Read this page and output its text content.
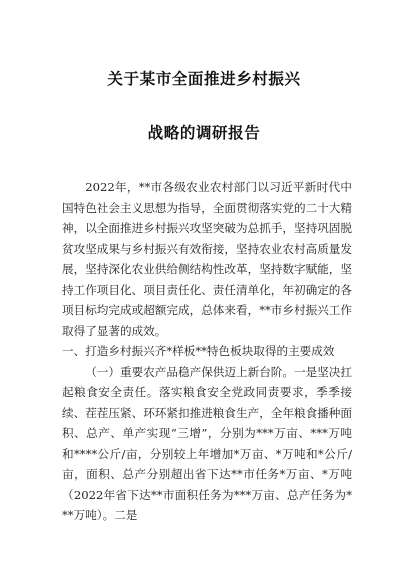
关于某市全面推进乡村振兴
战略的调研报告

2022年，**市各级农业农村部门以习近平新时代中国特色社会主义思想为指导，全面贯彻落实党的二十大精神，以全面推进乡村振兴攻坚突破为总抓手，坚持巩固脱贫攻坚成果与乡村振兴有效衔接，坚持农业农村高质量发展，坚持深化农业供给侧结构性改革，坚持数字赋能，坚持工作项目化、项目责任化、责任清单化，年初确定的各项目标均完成或超额完成，总体来看，**市乡村振兴工作取得了显著的成效。

一、打造乡村振兴齐*样板**特色板块取得的主要成效

（一）重要农产品稳产保供迈上新台阶。一是坚决扛起粮食安全责任。落实粮食安全党政同责要求，季季接续、茬茬压紧、环环紧扣推进粮食生产，全年粮食播种面积、总产、单产实现“三增”，分别为***万亩、***万吨和****公斤/亩，分别较上年增加*万亩、*万吨和*公斤/亩，面积、总产分别超出省下达**市任务*万亩、*万吨（2022年省下达**市面积任务为***万亩、总产任务为***万吨）。二是
